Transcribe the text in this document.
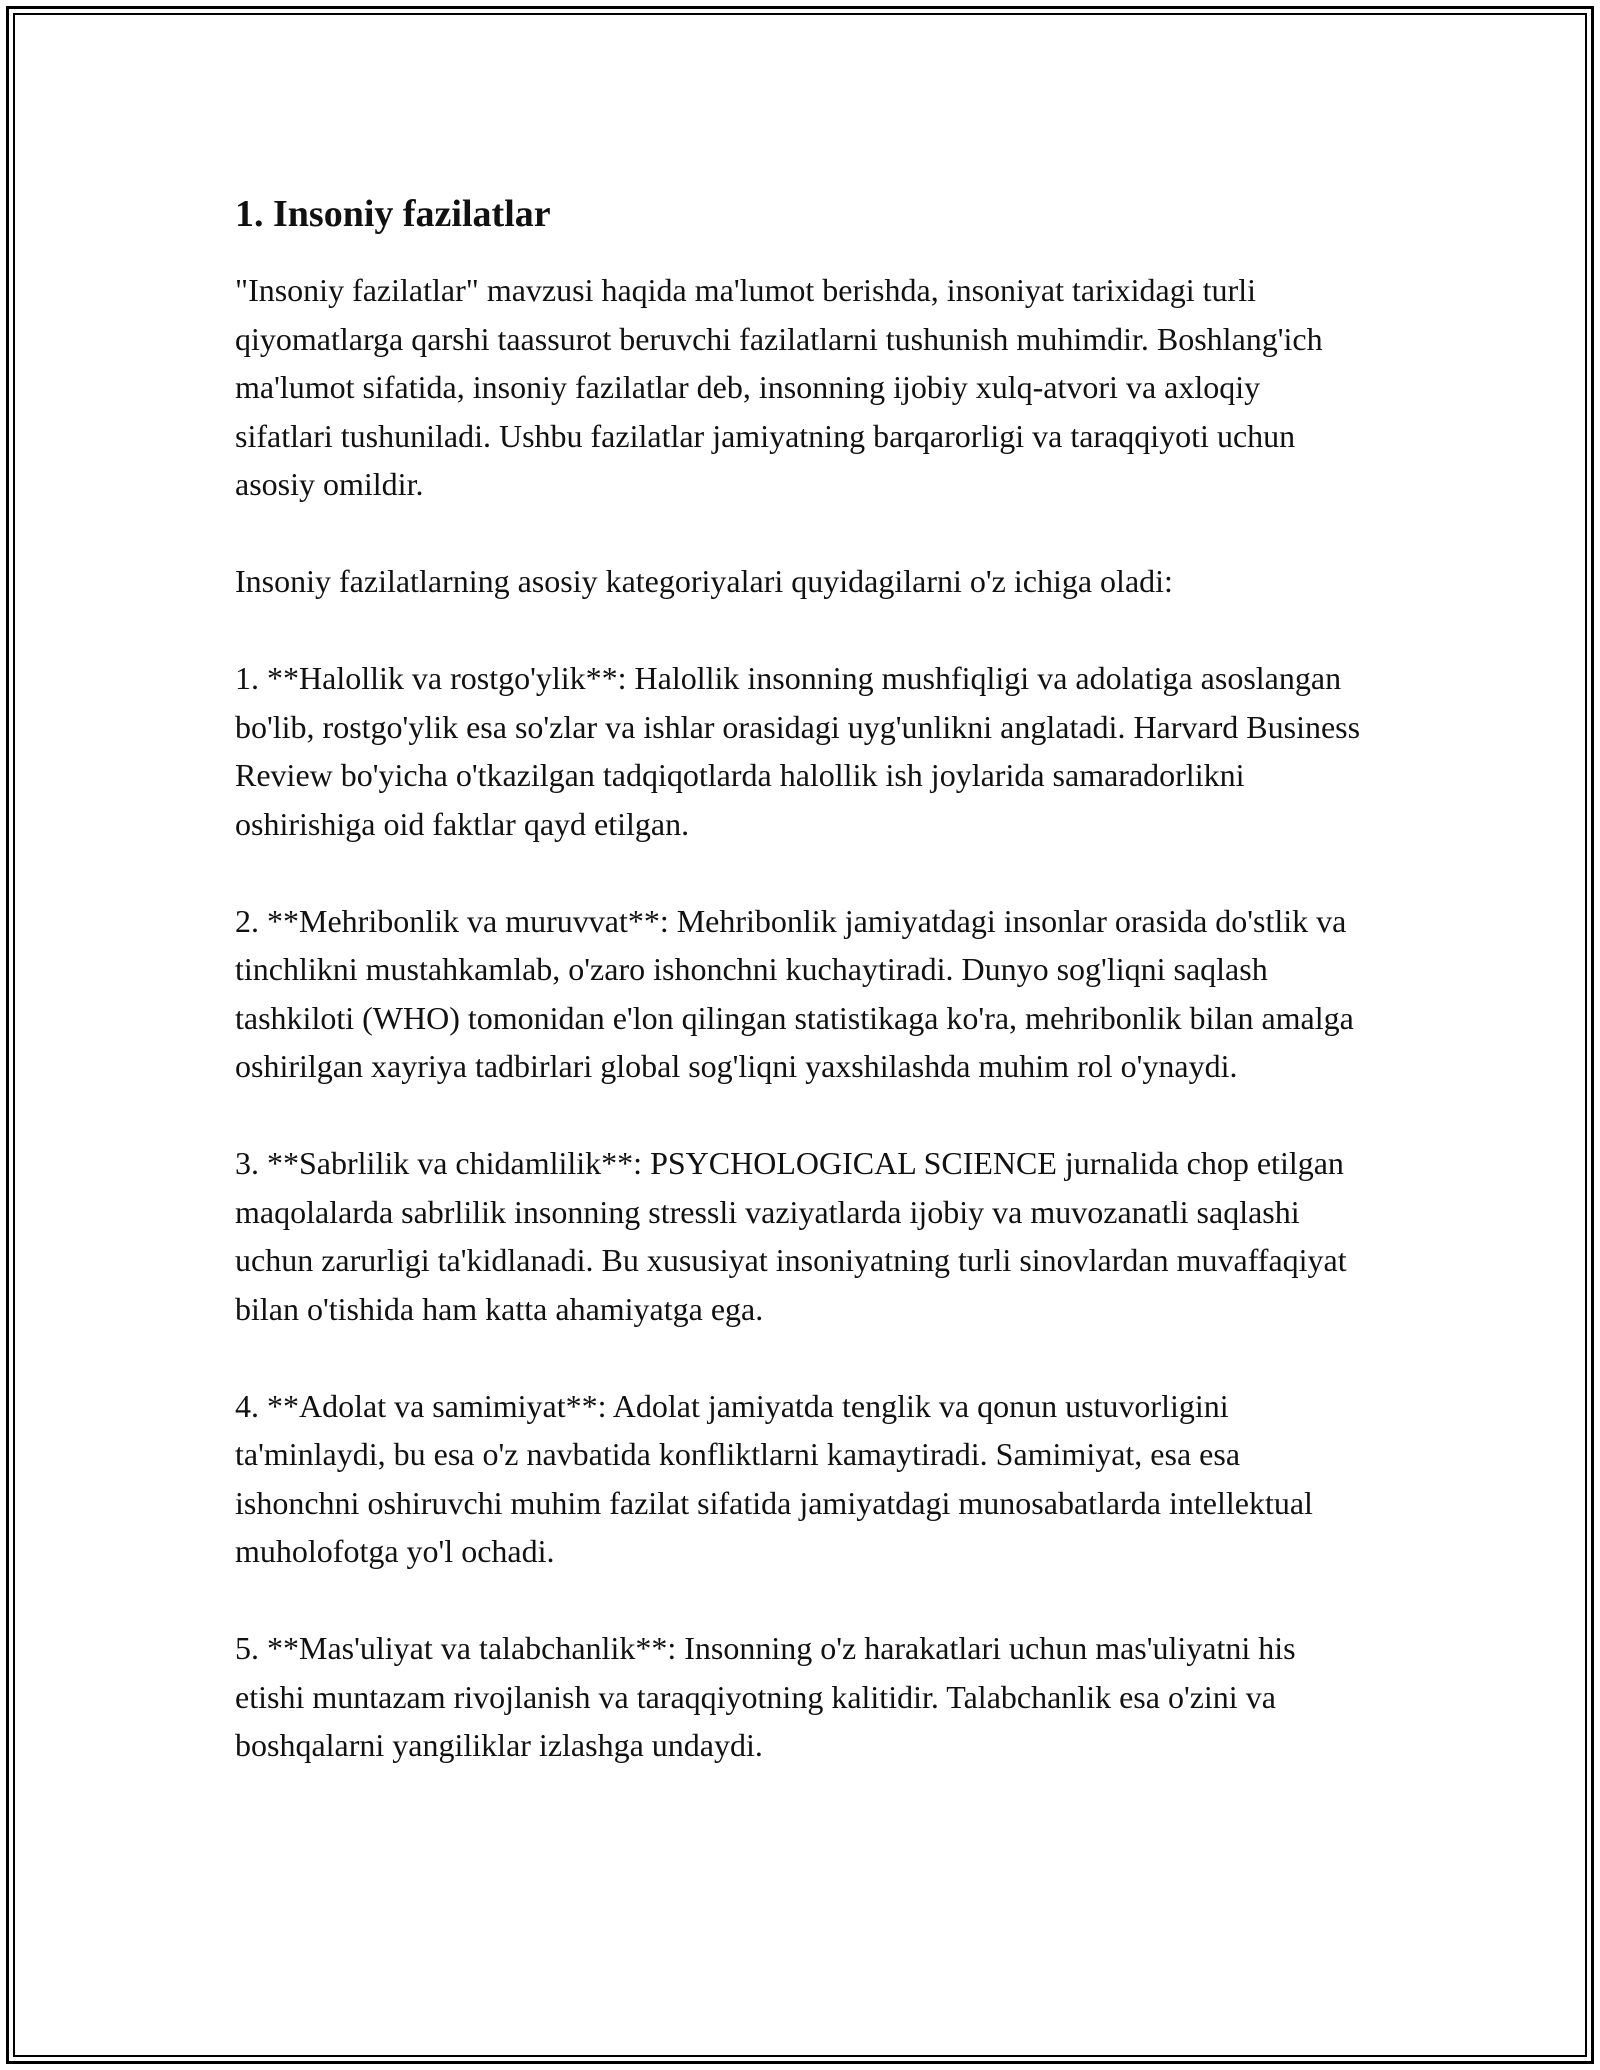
1. Insoniy fazilatlar

"Insoniy fazilatlar" mavzusi haqida ma'lumot berishda, insoniyat tarixidagi turli qiyomatlarga qarshi taassurot beruvchi fazilatlarni tushunish muhimdir. Boshlang'ich ma'lumot sifatida, insoniy fazilatlar deb, insonning ijobiy xulq-atvori va axloqiy sifatlari tushuniladi. Ushbu fazilatlar jamiyatning barqarorligi va taraqqiyoti uchun asosiy omildir.

Insoniy fazilatlarning asosiy kategoriyalari quyidagilarni o'z ichiga oladi:

1. **Halollik va rostgo'ylik**: Halollik insonning mushfiqligi va adolatiga asoslangan bo'lib, rostgo'ylik esa so'zlar va ishlar orasidagi uyg'unlikni anglatadi. Harvard Business Review bo'yicha o'tkazilgan tadqiqotlarda halollik ish joylarida samaradorlikni oshirishiga oid faktlar qayd etilgan.

2. **Mehribonlik va muruvvat**: Mehribonlik jamiyatdagi insonlar orasida do'stlik va tinchlikni mustahkamlab, o'zaro ishonchni kuchaytiradi. Dunyo sog'liqni saqlash tashkiloti (WHO) tomonidan e'lon qilingan statistikaga ko'ra, mehribonlik bilan amalga oshirilgan xayriya tadbirlari global sog'liqni yaxshilashda muhim rol o'ynaydi.

3. **Sabrlilik va chidamlilik**: PSYCHOLOGICAL SCIENCE jurnalida chop etilgan maqolalarda sabrlilik insonning stressli vaziyatlarda ijobiy va muvozanatli saqlashi uchun zarurligi ta'kidlanadi. Bu xususiyat insoniyatning turli sinovlardan muvaffaqiyat bilan o'tishida ham katta ahamiyatga ega.

4. **Adolat va samimiyat**: Adolat jamiyatda tenglik va qonun ustuvorligini ta'minlaydi, bu esa o'z navbatida konfliktlarni kamaytiradi. Samimiyat, esa esa ishonchni oshiruvchi muhim fazilat sifatida jamiyatdagi munosabatlarda intellektual muholofotga yo'l ochadi.

5. **Mas'uliyat va talabchanlik**: Insonning o'z harakatlari uchun mas'uliyatni his etishi muntazam rivojlanish va taraqqiyotning kalitidir. Talabchanlik esa o'zini va boshqalarni yangiliklar izlashga undaydi.
